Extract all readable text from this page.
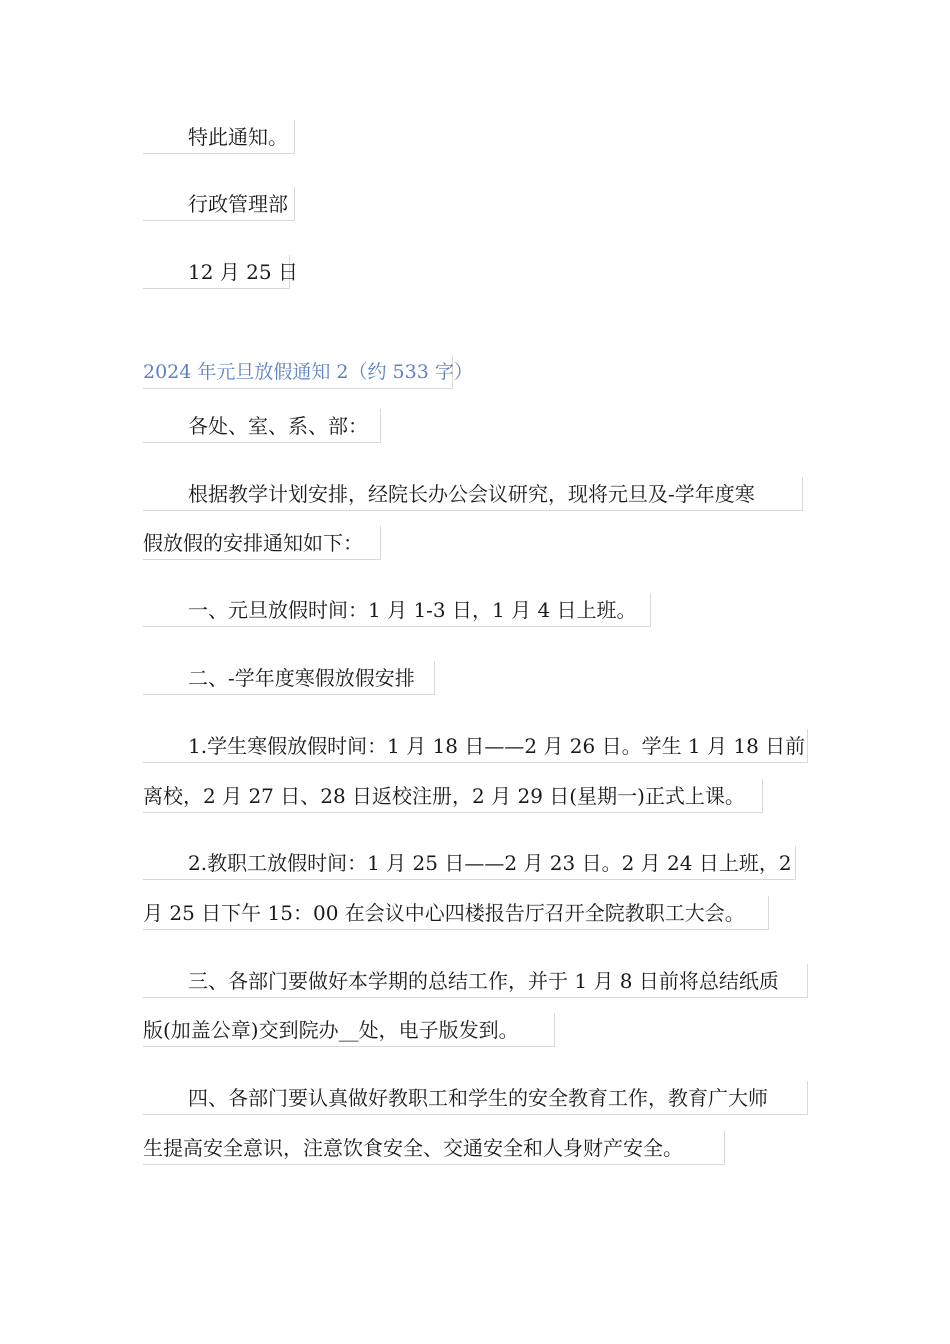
特此通知。
行政管理部
12 月 25 日
2024 年元旦放假通知 2（约 533 字）
各处、室、系、部：
根据教学计划安排，经院长办公会议研究，现将元旦及-学年度寒
假放假的安排通知如下：
一、元旦放假时间：1 月 1-3 日，1 月 4 日上班。
二、-学年度寒假放假安排
1.学生寒假放假时间：1 月 18 日——2 月 26 日。学生 1 月 18 日前
离校，2 月 27 日、28 日返校注册，2 月 29 日(星期一)正式上课。
2.教职工放假时间：1 月 25 日——2 月 23 日。2 月 24 日上班，2
月 25 日下午 15：00 在会议中心四楼报告厅召开全院教职工大会。
三、各部门要做好本学期的总结工作，并于 1 月 8 日前将总结纸质
版(加盖公章)交到院办__处，电子版发到。
四、各部门要认真做好教职工和学生的安全教育工作，教育广大师
生提高安全意识，注意饮食安全、交通安全和人身财产安全。
